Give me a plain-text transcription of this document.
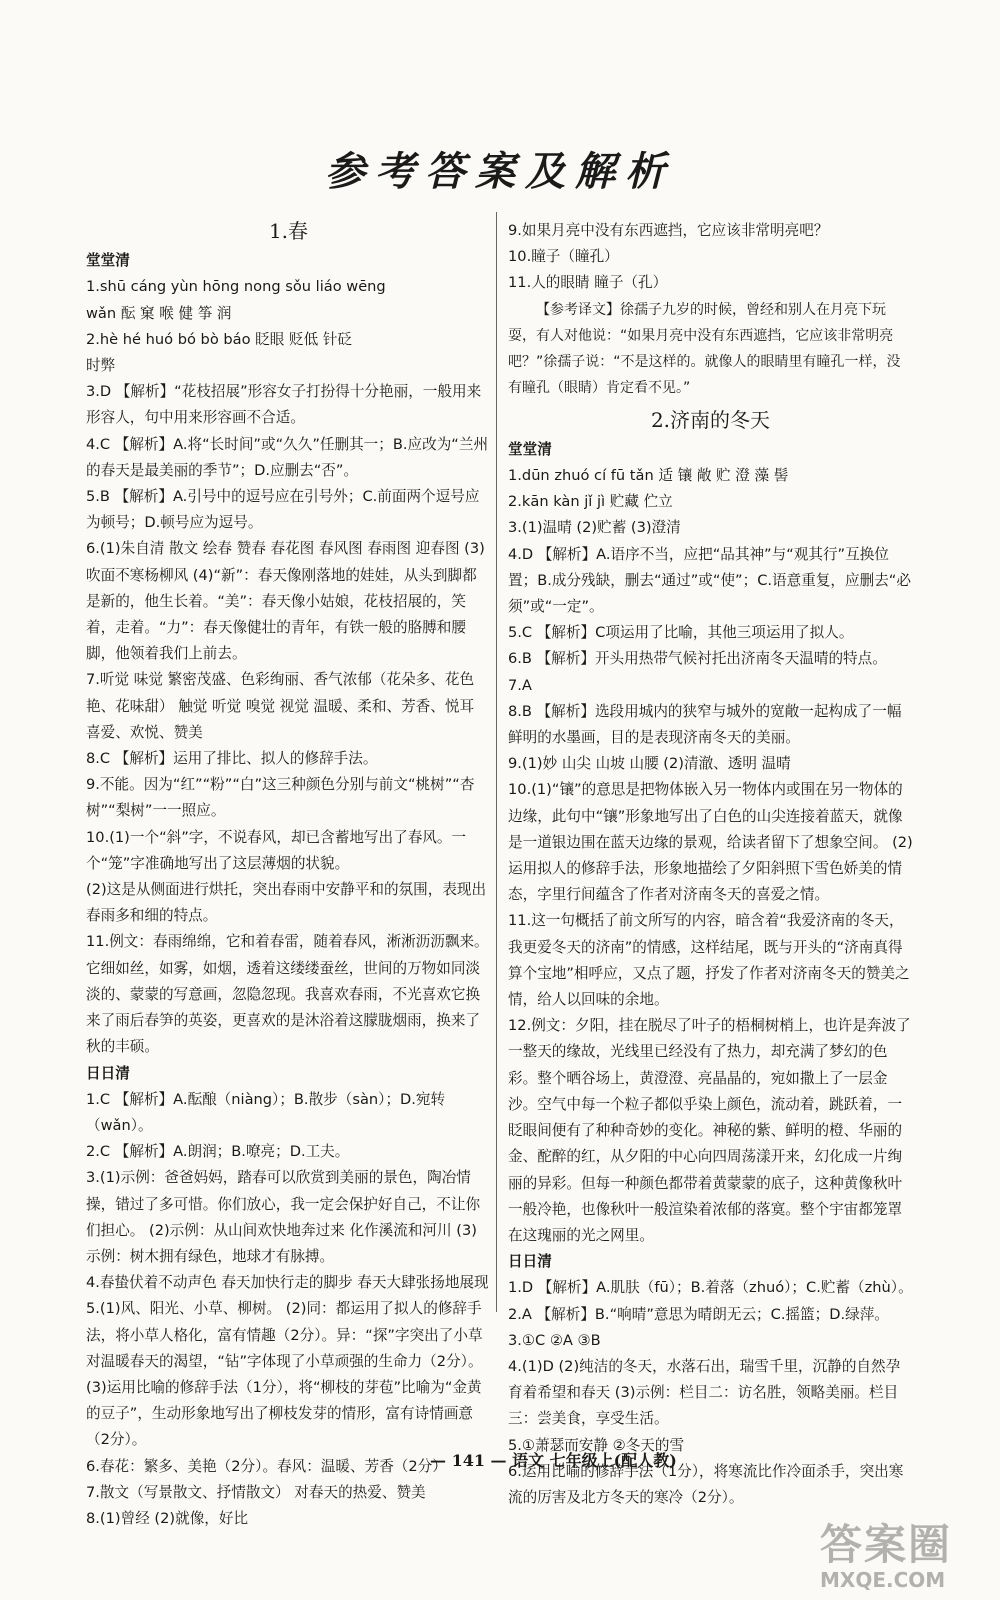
参考答案及解析
1.春
堂堂清
1.shū cáng yùn hōng nong sǒu liáo wēng
wǎn 酝 窠 喉 健 筝 润
2.hè hé huó bó bò báo 眨眼 贬低 针砭
时弊
3.D 【解析】“花枝招展”形容女子打扮得十分艳丽，一般用来形容人，句中用来形容画不合适。
4.C 【解析】A.将“长时间”或“久久”任删其一；B.应改为“兰州的春天是最美丽的季节”；D.应删去“否”。
5.B 【解析】A.引号中的逗号应在引号外；C.前面两个逗号应为顿号；D.顿号应为逗号。
6.(1)朱自清 散文 绘春 赞春 春花图 春风图 春雨图 迎春图 (3)吹面不寒杨柳风 (4)“新”：春天像刚落地的娃娃，从头到脚都是新的，他生长着。“美”：春天像小姑娘，花枝招展的，笑着，走着。“力”：春天像健壮的青年，有铁一般的胳膊和腰脚，他领着我们上前去。
7.听觉 味觉 繁密茂盛、色彩绚丽、香气浓郁（花朵多、花色艳、花味甜） 触觉 听觉 嗅觉 视觉 温暖、柔和、芳香、悦耳 喜爱、欢悦、赞美
8.C 【解析】运用了排比、拟人的修辞手法。
9.不能。因为“红”“粉”“白”这三种颜色分别与前文“桃树”“杏树”“梨树”一一照应。
10.(1)一个“斜”字，不说春风，却已含蓄地写出了春风。一个“笼”字准确地写出了这层薄烟的状貌。
(2)这是从侧面进行烘托，突出春雨中安静平和的氛围，表现出春雨多和细的特点。
11.例文：春雨绵绵，它和着春雷，随着春风，淅淅沥沥飘来。它细如丝，如雾，如烟，透着这缕缕蚕丝，世间的万物如同淡淡的、蒙蒙的写意画，忽隐忽现。我喜欢春雨，不光喜欢它换来了雨后春笋的英姿，更喜欢的是沐浴着这朦胧烟雨，换来了秋的丰硕。
日日清
1.C 【解析】A.酝酿（niàng）；B.散步（sàn）；D.宛转（wǎn）。
2.C 【解析】A.朗润；B.嘹亮；D.工夫。
3.(1)示例：爸爸妈妈，踏春可以欣赏到美丽的景色，陶冶情操，错过了多可惜。你们放心，我一定会保护好自己，不让你们担心。 (2)示例：从山间欢快地奔过来 化作溪流和河川 (3)示例：树木拥有绿色，地球才有脉搏。
4.春蛰伏着不动声色 春天加快行走的脚步 春天大肆张扬地展现
5.(1)风、阳光、小草、柳树。 (2)同：都运用了拟人的修辞手法，将小草人格化，富有情趣（2分）。异：“探”字突出了小草对温暖春天的渴望，“钻”字体现了小草顽强的生命力（2分）。 (3)运用比喻的修辞手法（1分），将“柳枝的芽苞”比喻为“金黄的豆子”，生动形象地写出了柳枝发芽的情形，富有诗情画意（2分）。
6.春花：繁多、美艳（2分）。春风：温暖、芳香（2分）
7.散文（写景散文、抒情散文） 对春天的热爱、赞美
8.(1)曾经 (2)就像，好比
9.如果月亮中没有东西遮挡，它应该非常明亮吧？
10.瞳子（瞳孔）
11.人的眼睛 瞳子（孔）
【参考译文】徐孺子九岁的时候，曾经和别人在月亮下玩耍，有人对他说：“如果月亮中没有东西遮挡，它应该非常明亮吧？”徐孺子说：“不是这样的。就像人的眼睛里有瞳孔一样，没有瞳孔（眼睛）肯定看不见。”
2.济南的冬天
堂堂清
1.dūn zhuó cí fū tǎn 适 镶 敞 贮 澄 藻 髻
2.kān kàn jǐ jì 贮藏 伫立
3.(1)温晴 (2)贮蓄 (3)澄清
4.D 【解析】A.语序不当，应把“品其神”与“观其行”互换位置；B.成分残缺，删去“通过”或“使”；C.语意重复，应删去“必须”或“一定”。
5.C 【解析】C项运用了比喻，其他三项运用了拟人。
6.B 【解析】开头用热带气候衬托出济南冬天温晴的特点。
7.A
8.B 【解析】选段用城内的狭窄与城外的宽敞一起构成了一幅鲜明的水墨画，目的是表现济南冬天的美丽。
9.(1)妙 山尖 山坡 山腰 (2)清澈、透明 温晴
10.(1)“镶”的意思是把物体嵌入另一物体内或围在另一物体的边缘，此句中“镶”形象地写出了白色的山尖连接着蓝天，就像是一道银边围在蓝天边缘的景观，给读者留下了想象空间。 (2)运用拟人的修辞手法，形象地描绘了夕阳斜照下雪色娇美的情态，字里行间蕴含了作者对济南冬天的喜爱之情。
11.这一句概括了前文所写的内容，暗含着“我爱济南的冬天，我更爱冬天的济南”的情感，这样结尾，既与开头的“济南真得算个宝地”相呼应，又点了题，抒发了作者对济南冬天的赞美之情，给人以回味的余地。
12.例文：夕阳，挂在脱尽了叶子的梧桐树梢上，也许是奔波了一整天的缘故，光线里已经没有了热力，却充满了梦幻的色彩。整个晒谷场上，黄澄澄、亮晶晶的，宛如撒上了一层金沙。空气中每一个粒子都似乎染上颜色，流动着，跳跃着，一眨眼间便有了种种奇妙的变化。神秘的紫、鲜明的橙、华丽的金、酡醉的红，从夕阳的中心向四周荡漾开来，幻化成一片绚丽的异彩。但每一种颜色都带着黄蒙蒙的底子，这种黄像秋叶一般冷艳，也像秋叶一般渲染着浓郁的落寞。整个宇宙都笼罩在这瑰丽的光之网里。
日日清
1.D 【解析】A.肌肤（fū）；B.着落（zhuó）；C.贮蓄（zhù）。
2.A 【解析】B.“响晴”意思为晴朗无云；C.摇篮；D.绿萍。
3.①C ②A ③B
4.(1)D (2)纯洁的冬天，水落石出，瑞雪千里，沉静的自然孕育着希望和春天 (3)示例：栏目二：访名胜，领略美丽。栏目三：尝美食，享受生活。
5.①萧瑟而安静 ②冬天的雪
6.运用比喻的修辞手法（1分），将寒流比作冷面杀手，突出寒流的厉害及北方冬天的寒冷（2分）。
— 141 — 语文 七年级上(配人教)
答案圈
MXQE.COM
